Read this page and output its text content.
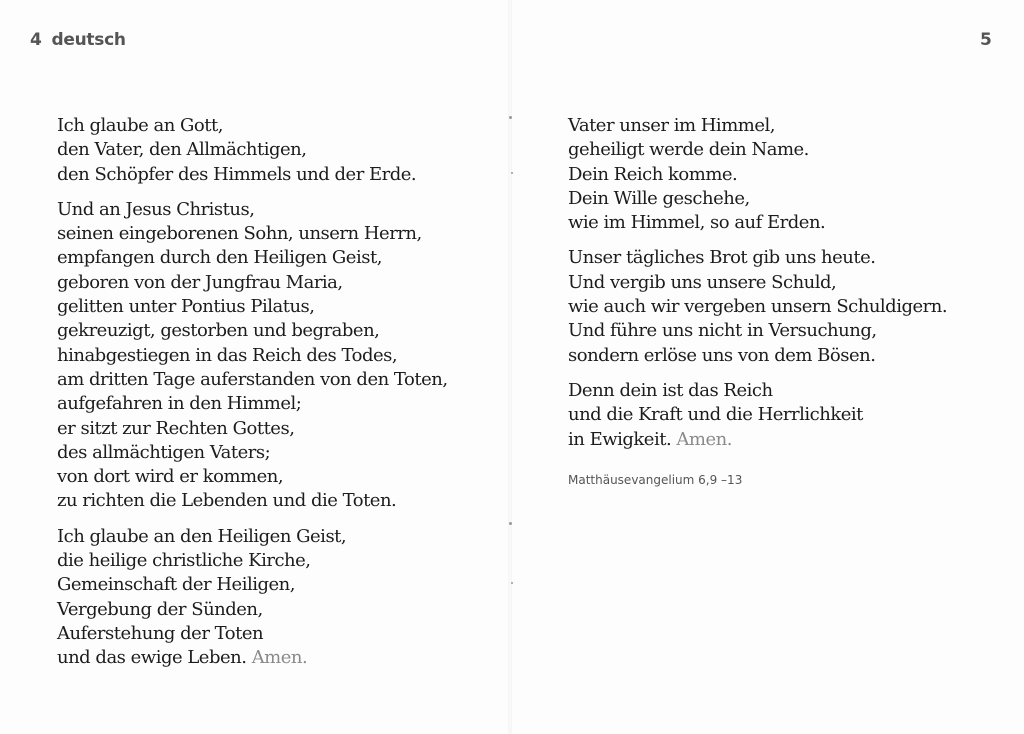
4 deutsch	5

Ich glaube an Gott,
den Vater, den Allmächtigen,
den Schöpfer des Himmels und der Erde.

Und an Jesus Christus,
seinen eingeborenen Sohn, unsern Herrn,
empfangen durch den Heiligen Geist,
geboren von der Jungfrau Maria,
gelitten unter Pontius Pilatus,
gekreuzigt, gestorben und begraben,
hinabgestiegen in das Reich des Todes,
am dritten Tage auferstanden von den Toten,
aufgefahren in den Himmel;
er sitzt zur Rechten Gottes,
des allmächtigen Vaters;
von dort wird er kommen,
zu richten die Lebenden und die Toten.

Ich glaube an den Heiligen Geist,
die heilige christliche Kirche,
Gemeinschaft der Heiligen,
Vergebung der Sünden,
Auferstehung der Toten
und das ewige Leben. Amen.

Vater unser im Himmel,
geheiligt werde dein Name.
Dein Reich komme.
Dein Wille geschehe,
wie im Himmel, so auf Erden.

Unser tägliches Brot gib uns heute.
Und vergib uns unsere Schuld,
wie auch wir vergeben unsern Schuldigern.
Und führe uns nicht in Versuchung,
sondern erlöse uns von dem Bösen.

Denn dein ist das Reich
und die Kraft und die Herrlichkeit
in Ewigkeit. Amen.

Matthäusevangelium 6,9 –13
